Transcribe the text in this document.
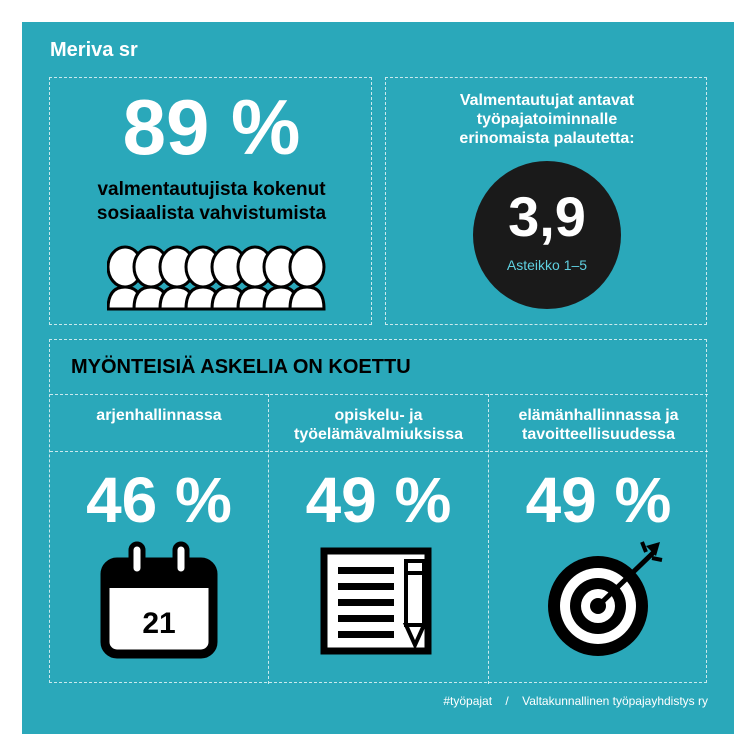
Meriva sr
89 %
valmentautujista kokenut
sosiaalista vahvistumista
Valmentautujat antavat
työpajatoiminnalle
erinomaista palautetta:
3,9
Asteikko 1–5
MYÖNTEISIÄ ASKELIA ON KOETTU
arjenhallinnassa
46 %
21
opiskelu- ja
työelämävalmiuksissa
49 %
elämänhallinnassa ja
tavoitteellisuudessa
49 %
#työpajat / Valtakunnallinen työpajayhdistys ry
